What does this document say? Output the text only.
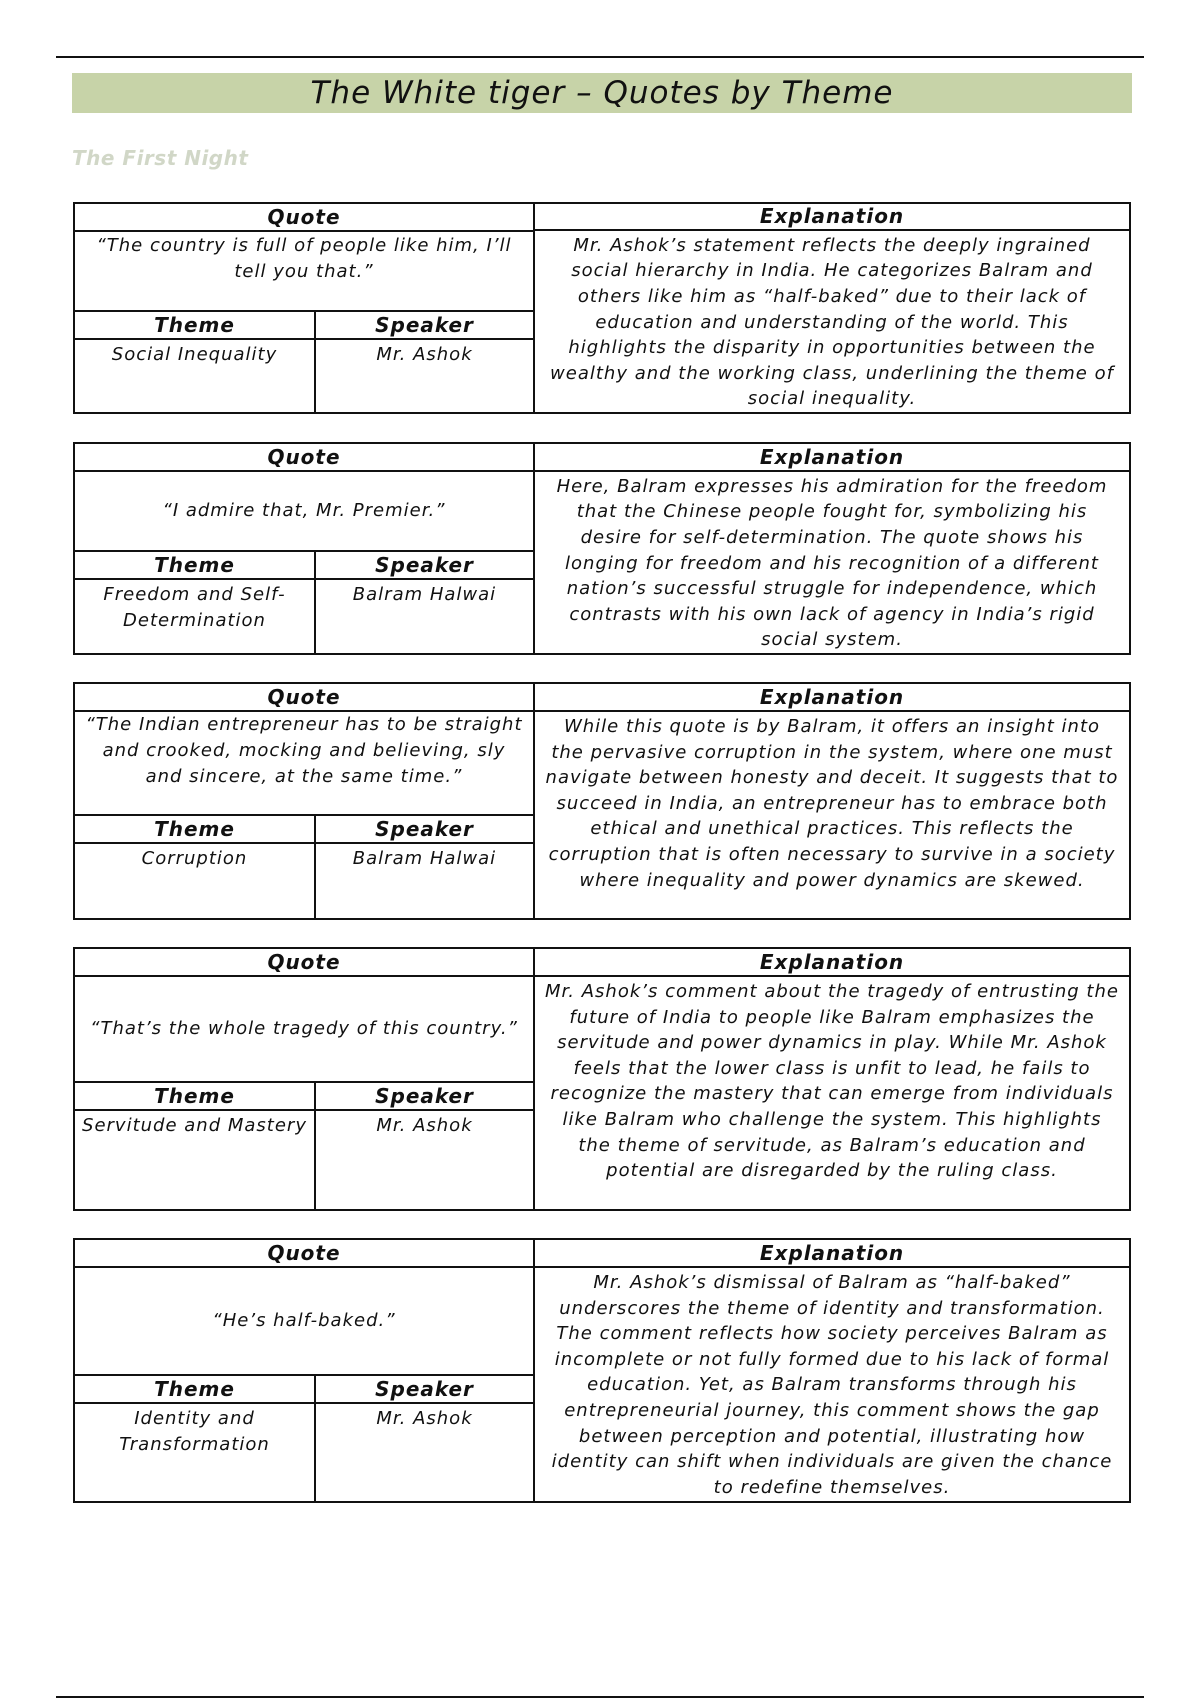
The White tiger – Quotes by Theme
The First Night
Quote
“The country is full of people like him, I’ll tell you that.”
Theme	Speaker
Social Inequality	Mr. Ashok
Explanation
Mr. Ashok’s statement reflects the deeply ingrained social hierarchy in India. He categorizes Balram and others like him as “half-baked” due to their lack of education and understanding of the world. This highlights the disparity in opportunities between the wealthy and the working class, underlining the theme of social inequality.
Quote
“I admire that, Mr. Premier.”
Theme	Speaker
Freedom and Self-Determination
Balram Halwai
Explanation
Here, Balram expresses his admiration for the freedom that the Chinese people fought for, symbolizing his desire for self-determination. The quote shows his longing for freedom and his recognition of a different nation’s successful struggle for independence, which contrasts with his own lack of agency in India’s rigid social system.
Quote
“The Indian entrepreneur has to be straight and crooked, mocking and believing, sly and sincere, at the same time.”
Theme	Speaker
Corruption	Balram Halwai
Explanation
While this quote is by Balram, it offers an insight into the pervasive corruption in the system, where one must navigate between honesty and deceit. It suggests that to succeed in India, an entrepreneur has to embrace both ethical and unethical practices. This reflects the corruption that is often necessary to survive in a society where inequality and power dynamics are skewed.
Quote
“That’s the whole tragedy of this country.”
Theme	Speaker
Servitude and Mastery	Mr. Ashok
Explanation
Mr. Ashok’s comment about the tragedy of entrusting the future of India to people like Balram emphasizes the servitude and power dynamics in play. While Mr. Ashok feels that the lower class is unfit to lead, he fails to recognize the mastery that can emerge from individuals like Balram who challenge the system. This highlights the theme of servitude, as Balram’s education and potential are disregarded by the ruling class.
Quote
“He’s half-baked.”
Theme	Speaker
Identity and Transformation
Mr. Ashok
Explanation
Mr. Ashok’s dismissal of Balram as “half-baked” underscores the theme of identity and transformation. The comment reflects how society perceives Balram as incomplete or not fully formed due to his lack of formal education. Yet, as Balram transforms through his entrepreneurial journey, this comment shows the gap between perception and potential, illustrating how identity can shift when individuals are given the chance to redefine themselves.
